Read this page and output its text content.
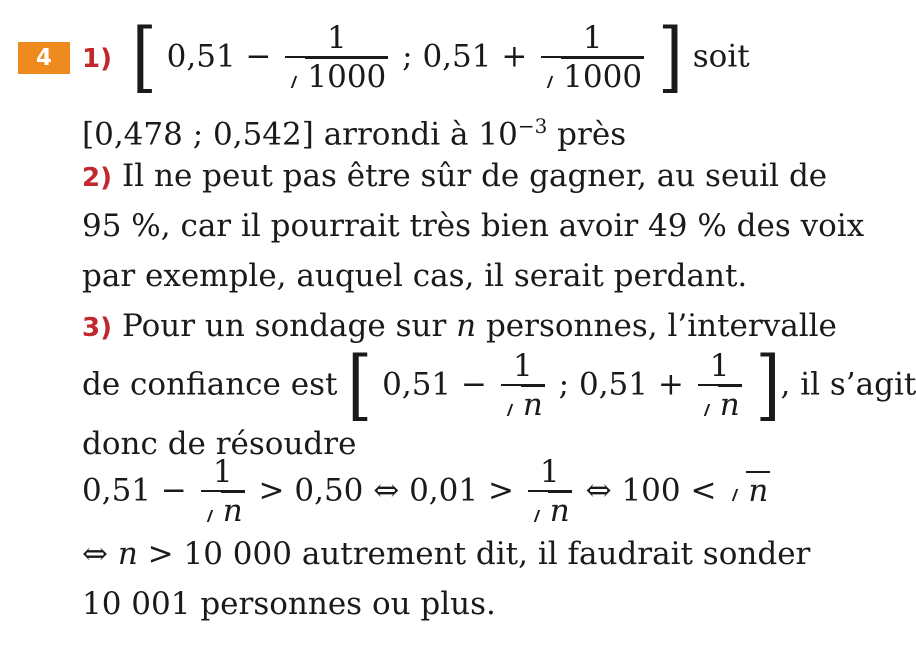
4	1) [ $0,51 - \frac{1}{1000}$ ; $0,51 + \frac{1}{1000}$ ] soit
[0,478 ; 0,542] arrondi à $10^{-3}$ près
2) Il ne peut pas être sûr de gagner, au seuil de
95 %, car il pourrait très bien avoir 49 % des voix
par exemple, auquel cas, il serait perdant.
3) Pour un sondage sur n personnes, l’intervalle
de confiance est [ $0,51 - \frac{1}{n}$ ; $0,51 + \frac{1}{n}$ ], il s’agit
donc de résoudre
$0,51 - \frac{1}{n} > 0,50$ ⇔ $0,01 > \frac{1}{n}$ ⇔ 100 < n
⇔ n > 10 000 autrement dit, il faudrait sonder
10 001 personnes ou plus.
